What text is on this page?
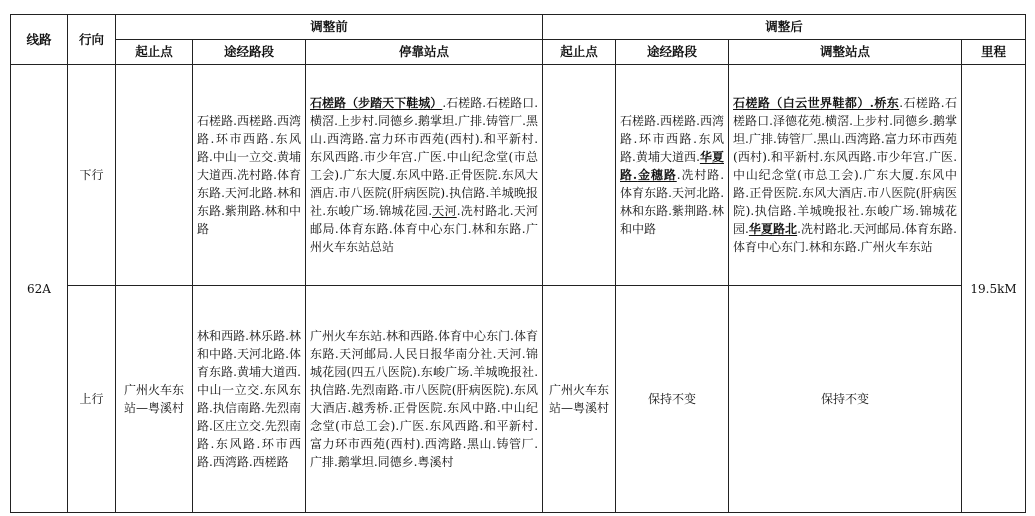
线路	行向	调整前			调整后			
		起止点	途经路段	停靠站点	起止点	途经路段	调整站点	里程
62A	下行		石槎路.西槎路.西湾路.环市西路.东风路.中山一立交.黄埔大道西.冼村路.体育东路.天河北路.林和东路.紫荆路.林和中路	石槎路（步踏天下鞋城）.石槎路.石槎路口.横滘.上步村.同德乡.鹅掌坦.广排.铸管厂.黑山.西湾路.富力环市西苑(西村).和平新村.东风西路.市少年宫.广医.中山纪念堂(市总工会).广东大厦.东风中路.正骨医院.东风大酒店.市八医院(肝病医院).执信路.羊城晚报社.东峻广场.锦城花园.天河.冼村路北.天河邮局.体育东路.体育中心东门.林和东路.广州火车东站总站		石槎路.西槎路.西湾路.环市西路.东风路.黄埔大道西.华夏路.金穗路.冼村路.体育东路.天河北路.林和东路.紫荆路.林和中路	石槎路（白云世界鞋都）.桥东.石槎路.石槎路口.泽德花苑.横滘.上步村.同德乡.鹅掌坦.广排.铸管厂.黑山.西湾路.富力环市西苑(西村).和平新村.东风西路.市少年宫.广医.中山纪念堂(市总工会).广东大厦.东风中路.正骨医院.东风大酒店.市八医院(肝病医院).执信路.羊城晚报社.东峻广场.锦城花园.华夏路北.冼村路北.天河邮局.体育东路.体育中心东门.林和东路.广州火车东站	19.5kM
	上行	广州火车东站—粤溪村	林和西路.林乐路.林和中路.天河北路.体育东路.黄埔大道西.中山一立交.东风东路.执信南路.先烈南路.区庄立交.先烈南路.东风路.环市西路.西湾路.西槎路	广州火车东站.林和西路.体育中心东门.体育东路.天河邮局.人民日报华南分社.天河.锦城花园(四五八医院).东峻广场.羊城晚报社.执信路.先烈南路.市八医院(肝病医院).东风大酒店.越秀桥.正骨医院.东风中路.中山纪念堂(市总工会).广医.东风西路.和平新村.富力环市西苑(西村).西湾路.黑山.铸管厂.广排.鹅掌坦.同德乡.粤溪村	广州火车东站—粤溪村	保持不变	保持不变	
